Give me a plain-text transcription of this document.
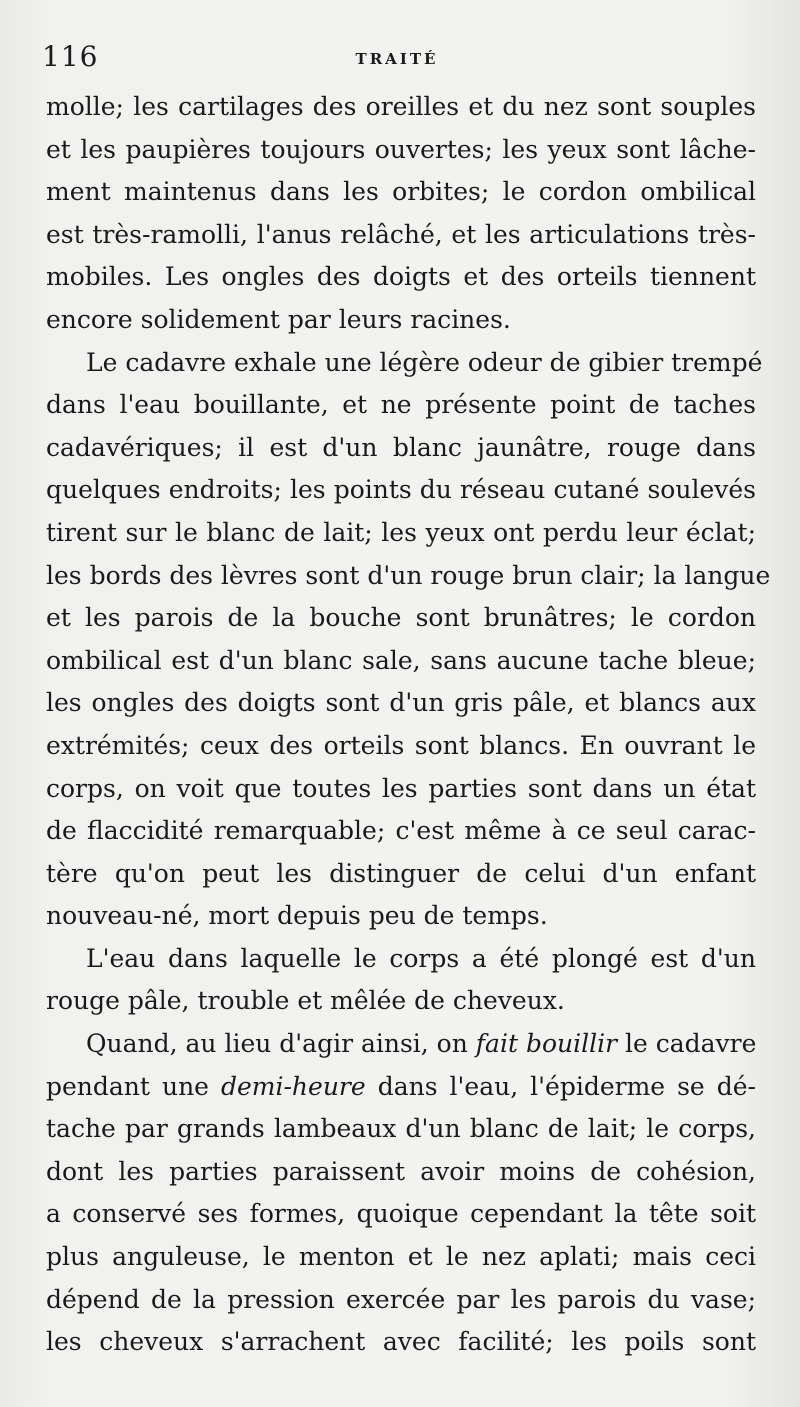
116	TRAITÉ
molle; les cartilages des oreilles et du nez sont souples
et les paupières toujours ouvertes; les yeux sont lâche-
ment maintenus dans les orbites; le cordon ombilical
est très-ramolli, l'anus relâché, et les articulations très-
mobiles. Les ongles des doigts et des orteils tiennent
encore solidement par leurs racines.
Le cadavre exhale une légère odeur de gibier trempé
dans l'eau bouillante, et ne présente point de taches
cadavériques; il est d'un blanc jaunâtre, rouge dans
quelques endroits; les points du réseau cutané soulevés
tirent sur le blanc de lait; les yeux ont perdu leur éclat;
les bords des lèvres sont d'un rouge brun clair; la langue
et les parois de la bouche sont brunâtres; le cordon
ombilical est d'un blanc sale, sans aucune tache bleue;
les ongles des doigts sont d'un gris pâle, et blancs aux
extrémités; ceux des orteils sont blancs. En ouvrant le
corps, on voit que toutes les parties sont dans un état
de flaccidité remarquable; c'est même à ce seul carac-
tère qu'on peut les distinguer de celui d'un enfant
nouveau-né, mort depuis peu de temps.
L'eau dans laquelle le corps a été plongé est d'un
rouge pâle, trouble et mêlée de cheveux.
Quand, au lieu d'agir ainsi, on fait bouillir le cadavre
pendant une demi-heure dans l'eau, l'épiderme se dé-
tache par grands lambeaux d'un blanc de lait; le corps,
dont les parties paraissent avoir moins de cohésion,
a conservé ses formes, quoique cependant la tête soit
plus anguleuse, le menton et le nez aplati; mais ceci
dépend de la pression exercée par les parois du vase;
les cheveux s'arrachent avec facilité; les poils sont
